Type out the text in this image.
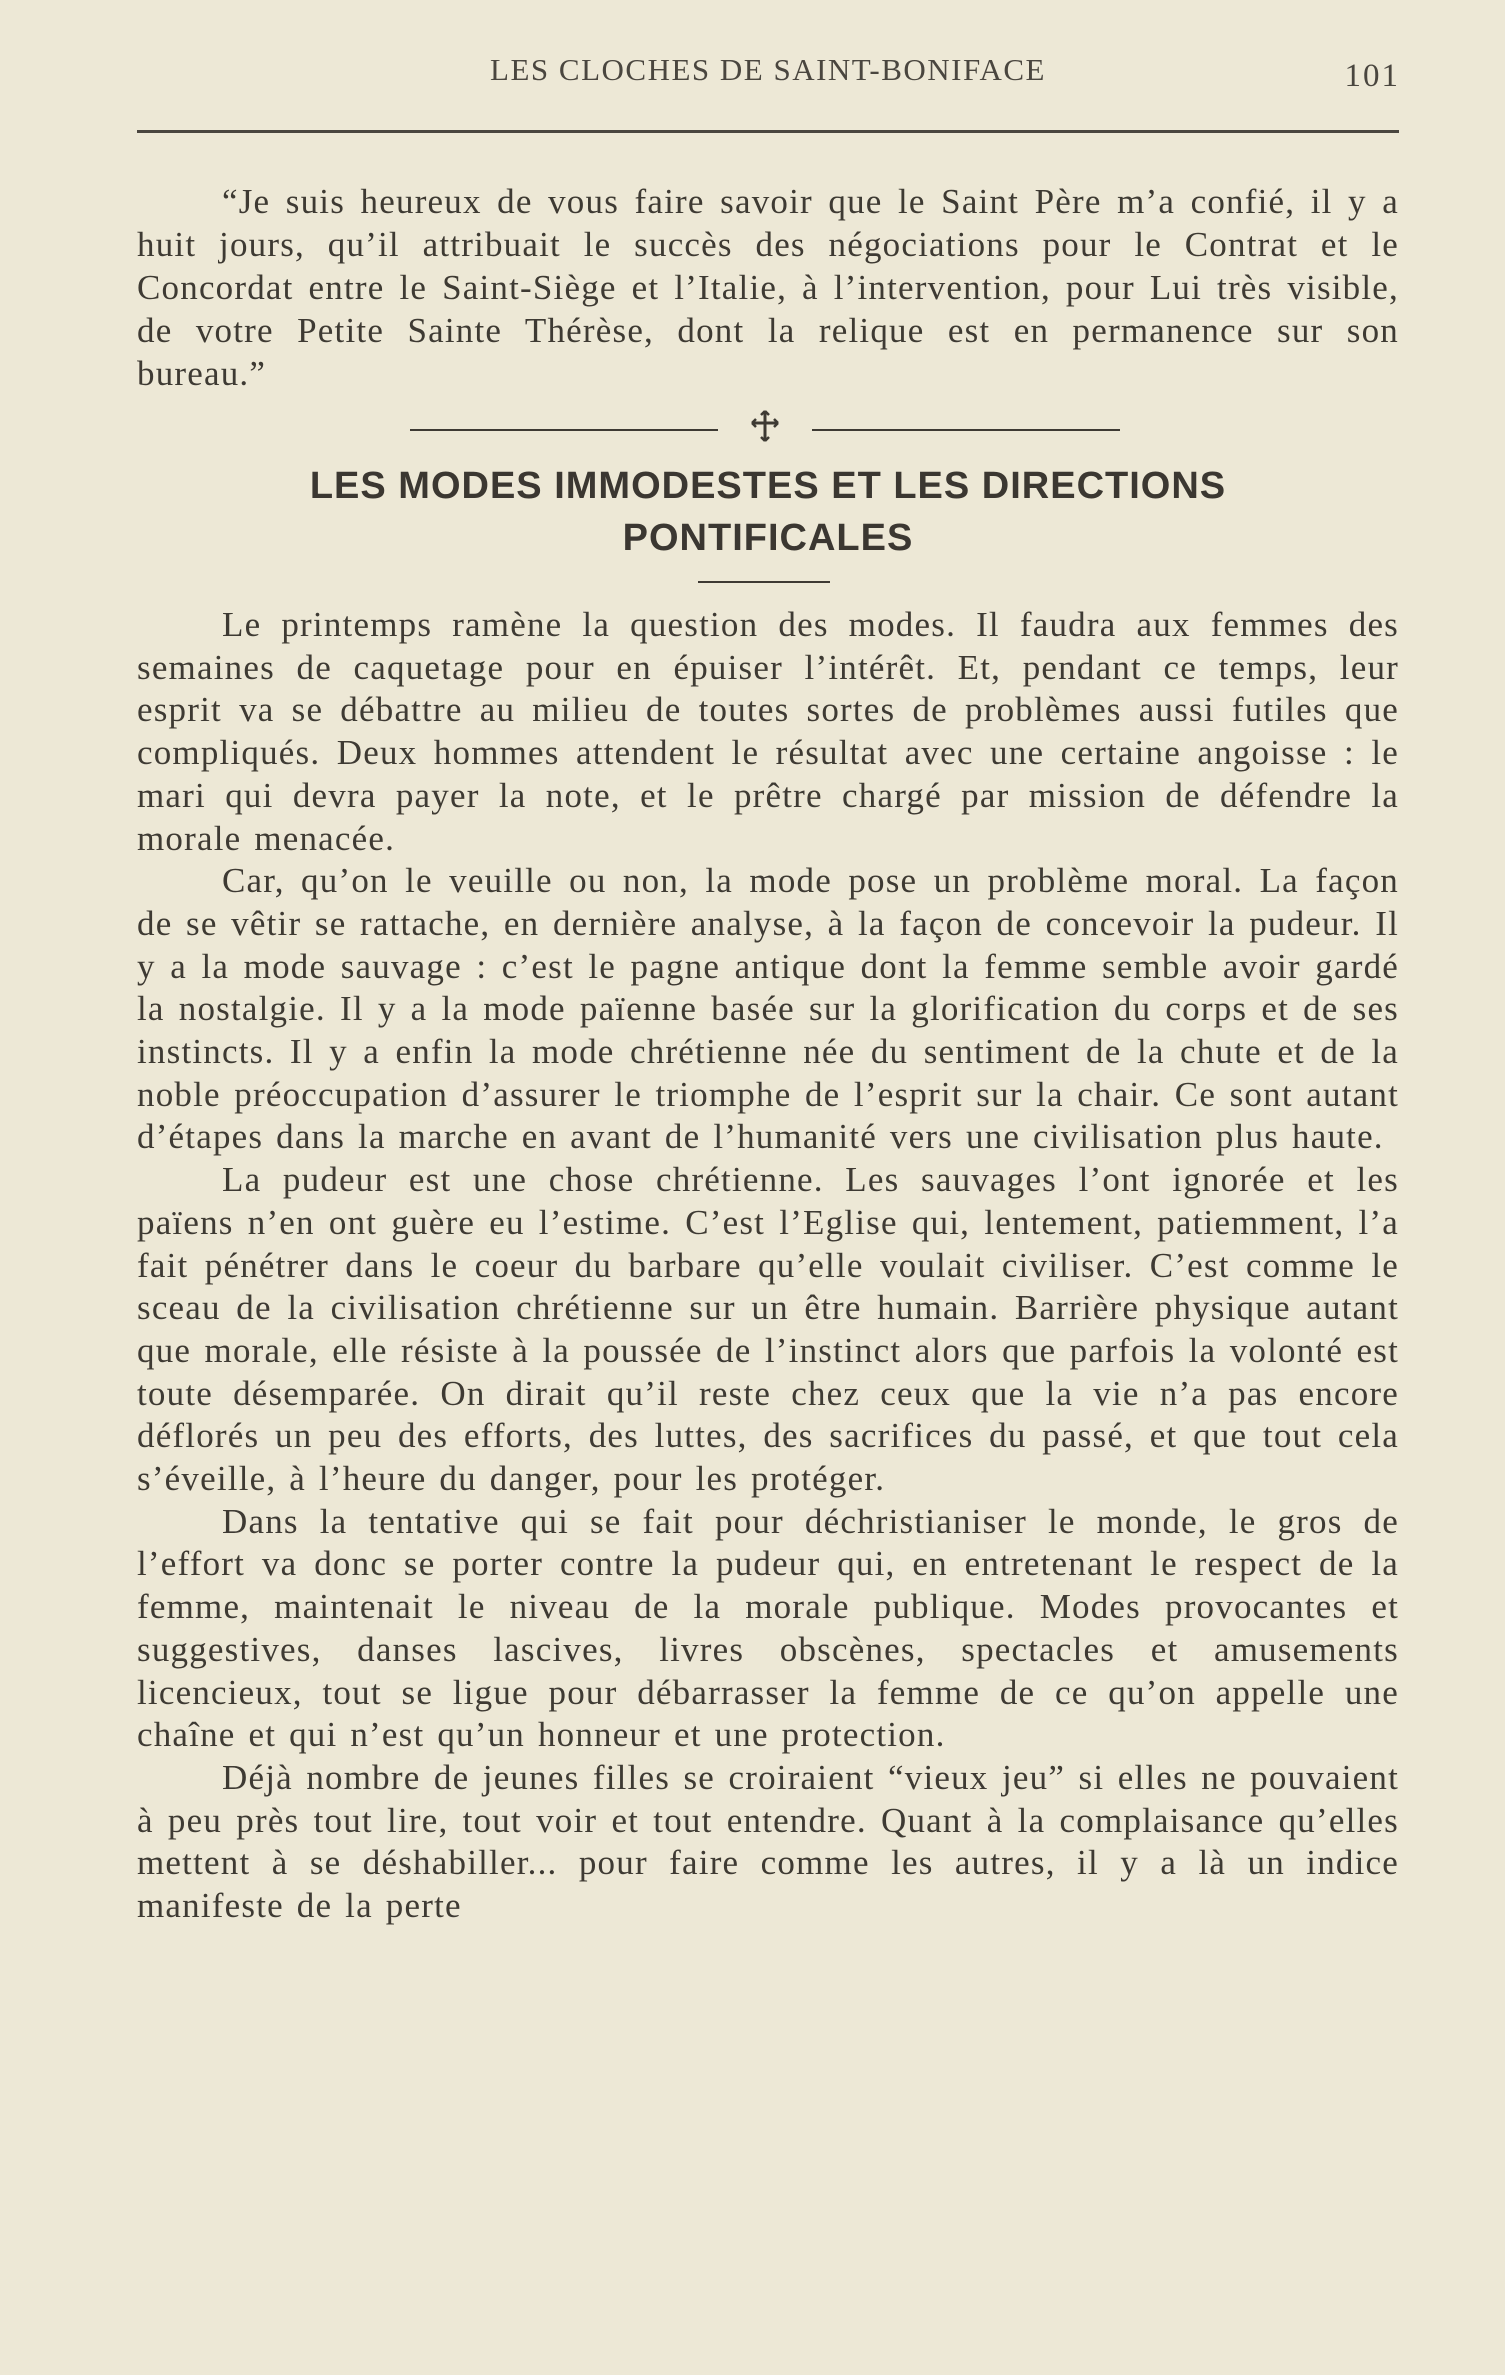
LES CLOCHES DE SAINT-BONIFACE	101

“Je suis heureux de vous faire savoir que le Saint Père m’a confié, il y a huit jours, qu’il attribuait le succès des négociations pour le Contrat et le Concordat entre le Saint-Siège et l’Italie, à l’intervention, pour Lui très visible, de votre Petite Sainte Thérèse, dont la relique est en permanence sur son bureau.”

LES MODES IMMODESTES ET LES DIRECTIONS
PONTIFICALES

Le printemps ramène la question des modes. Il faudra aux femmes des semaines de caquetage pour en épuiser l’intérêt. Et, pendant ce temps, leur esprit va se débattre au milieu de toutes sortes de problèmes aussi futiles que compliqués. Deux hommes attendent le résultat avec une certaine angoisse : le mari qui devra payer la note, et le prêtre chargé par mission de défendre la morale menacée.

Car, qu’on le veuille ou non, la mode pose un problème moral. La façon de se vêtir se rattache, en dernière analyse, à la façon de concevoir la pudeur. Il y a la mode sauvage : c’est le pagne antique dont la femme semble avoir gardé la nostalgie. Il y a la mode païenne basée sur la glorification du corps et de ses instincts. Il y a enfin la mode chrétienne née du sentiment de la chute et de la noble préoccupation d’assurer le triomphe de l’esprit sur la chair. Ce sont autant d’étapes dans la marche en avant de l’humanité vers une civilisation plus haute.

La pudeur est une chose chrétienne. Les sauvages l’ont ignorée et les païens n’en ont guère eu l’estime. C’est l’Eglise qui, lentement, patiemment, l’a fait pénétrer dans le coeur du barbare qu’elle voulait civiliser. C’est comme le sceau de la civilisation chrétienne sur un être humain. Barrière physique autant que morale, elle résiste à la poussée de l’instinct alors que parfois la volonté est toute désemparée. On dirait qu’il reste chez ceux que la vie n’a pas encore déflorés un peu des efforts, des luttes, des sacrifices du passé, et que tout cela s’éveille, à l’heure du danger, pour les protéger.

Dans la tentative qui se fait pour déchristianiser le monde, le gros de l’effort va donc se porter contre la pudeur qui, en entretenant le respect de la femme, maintenait le niveau de la morale publique. Modes provocantes et suggestives, danses lascives, livres obscènes, spectacles et amusements licencieux, tout se ligue pour débarrasser la femme de ce qu’on appelle une chaîne et qui n’est qu’un honneur et une protection.

Déjà nombre de jeunes filles se croiraient “vieux jeu” si elles ne pouvaient à peu près tout lire, tout voir et tout entendre. Quant à la complaisance qu’elles mettent à se déshabiller... pour faire comme les autres, il y a là un indice manifeste de la perte
